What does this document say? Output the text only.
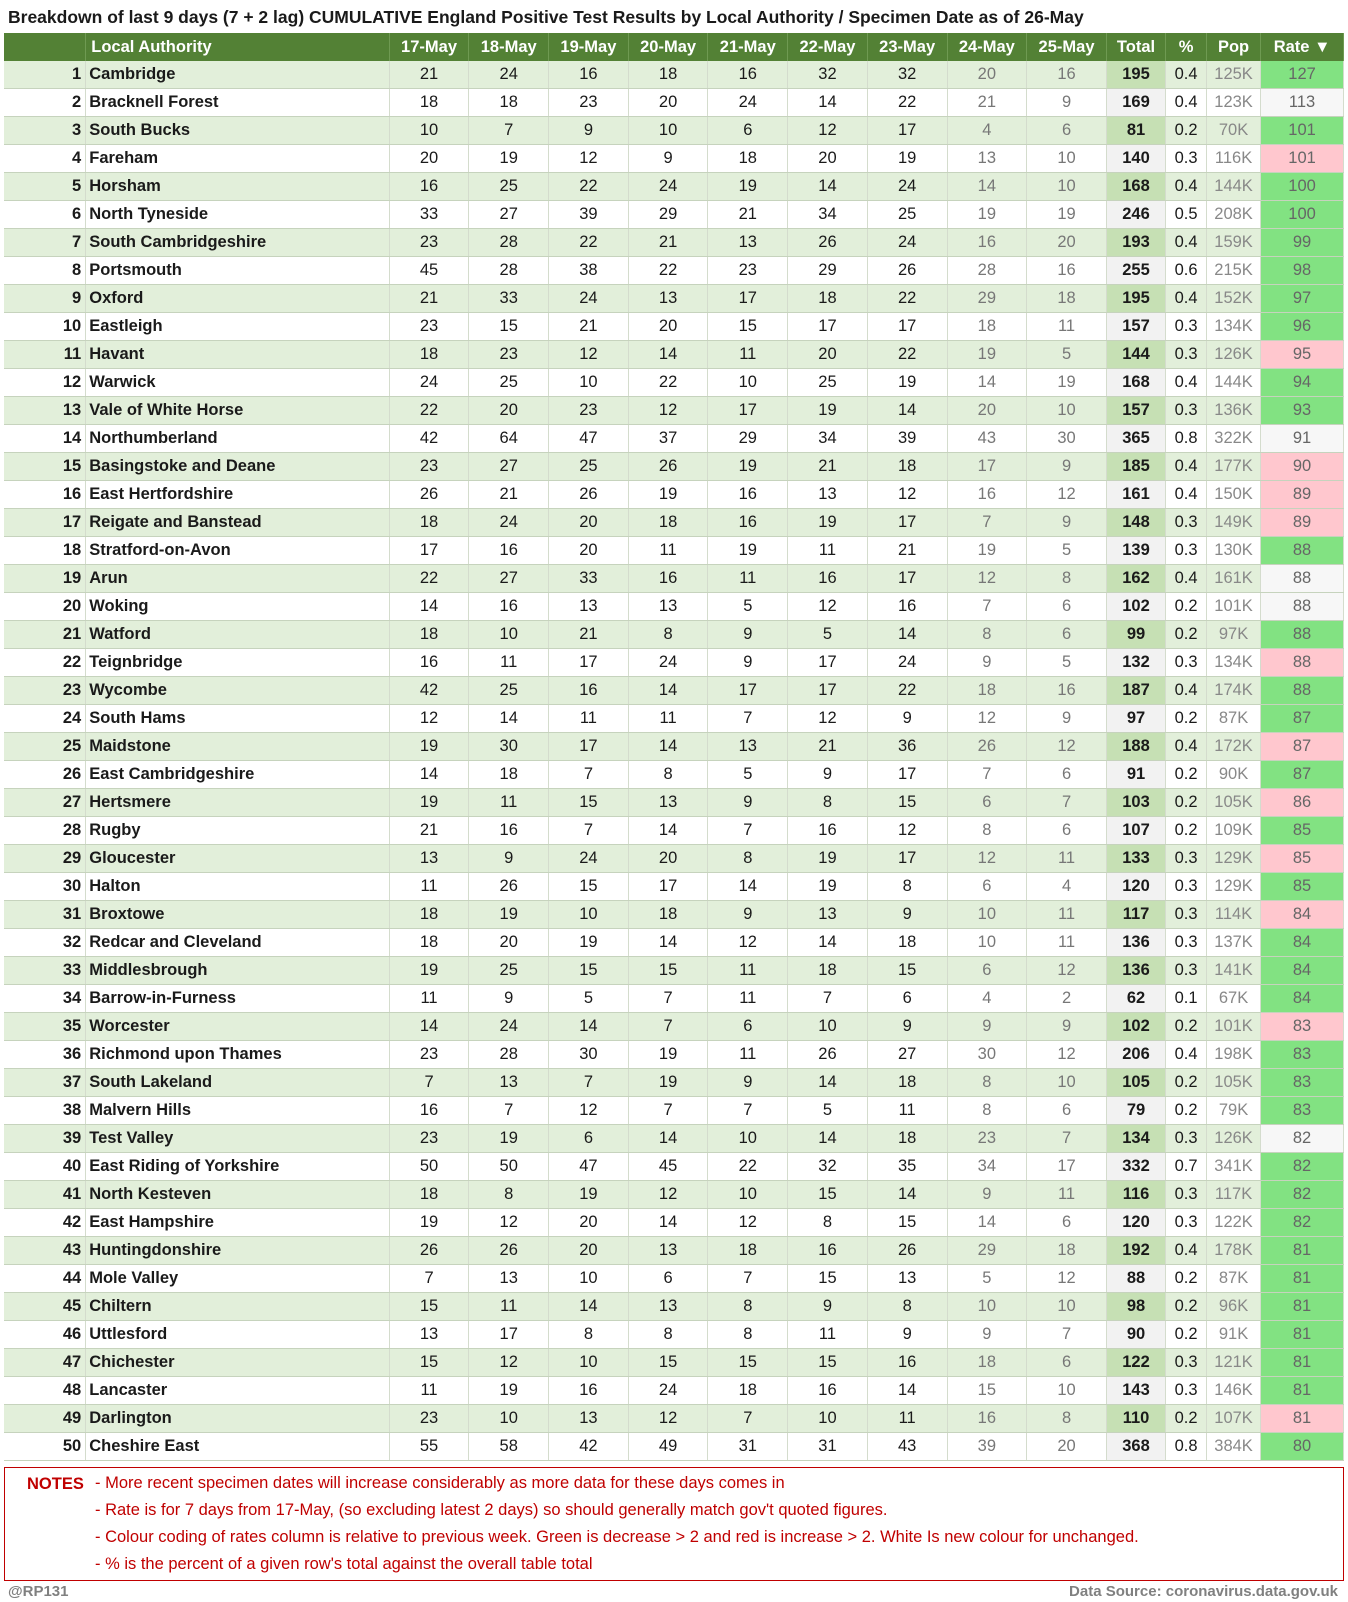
Breakdown of last 9 days (7 + 2 lag) CUMULATIVE England Positive Test Results by Local Authority / Specimen Date as of 26-May
	Local Authority	17-May	18-May	19-May	20-May	21-May	22-May	23-May	24-May	25-May	Total	%	Pop	Rate ▼
1	Cambridge	21	24	16	18	16	32	32	20	16	195	0.4	125K	127
2	Bracknell Forest	18	18	23	20	24	14	22	21	9	169	0.4	123K	113
3	South Bucks	10	7	9	10	6	12	17	4	6	81	0.2	70K	101
4	Fareham	20	19	12	9	18	20	19	13	10	140	0.3	116K	101
5	Horsham	16	25	22	24	19	14	24	14	10	168	0.4	144K	100
6	North Tyneside	33	27	39	29	21	34	25	19	19	246	0.5	208K	100
7	South Cambridgeshire	23	28	22	21	13	26	24	16	20	193	0.4	159K	99
8	Portsmouth	45	28	38	22	23	29	26	28	16	255	0.6	215K	98
9	Oxford	21	33	24	13	17	18	22	29	18	195	0.4	152K	97
10	Eastleigh	23	15	21	20	15	17	17	18	11	157	0.3	134K	96
11	Havant	18	23	12	14	11	20	22	19	5	144	0.3	126K	95
12	Warwick	24	25	10	22	10	25	19	14	19	168	0.4	144K	94
13	Vale of White Horse	22	20	23	12	17	19	14	20	10	157	0.3	136K	93
14	Northumberland	42	64	47	37	29	34	39	43	30	365	0.8	322K	91
15	Basingstoke and Deane	23	27	25	26	19	21	18	17	9	185	0.4	177K	90
16	East Hertfordshire	26	21	26	19	16	13	12	16	12	161	0.4	150K	89
17	Reigate and Banstead	18	24	20	18	16	19	17	7	9	148	0.3	149K	89
18	Stratford-on-Avon	17	16	20	11	19	11	21	19	5	139	0.3	130K	88
19	Arun	22	27	33	16	11	16	17	12	8	162	0.4	161K	88
20	Woking	14	16	13	13	5	12	16	7	6	102	0.2	101K	88
21	Watford	18	10	21	8	9	5	14	8	6	99	0.2	97K	88
22	Teignbridge	16	11	17	24	9	17	24	9	5	132	0.3	134K	88
23	Wycombe	42	25	16	14	17	17	22	18	16	187	0.4	174K	88
24	South Hams	12	14	11	11	7	12	9	12	9	97	0.2	87K	87
25	Maidstone	19	30	17	14	13	21	36	26	12	188	0.4	172K	87
26	East Cambridgeshire	14	18	7	8	5	9	17	7	6	91	0.2	90K	87
27	Hertsmere	19	11	15	13	9	8	15	6	7	103	0.2	105K	86
28	Rugby	21	16	7	14	7	16	12	8	6	107	0.2	109K	85
29	Gloucester	13	9	24	20	8	19	17	12	11	133	0.3	129K	85
30	Halton	11	26	15	17	14	19	8	6	4	120	0.3	129K	85
31	Broxtowe	18	19	10	18	9	13	9	10	11	117	0.3	114K	84
32	Redcar and Cleveland	18	20	19	14	12	14	18	10	11	136	0.3	137K	84
33	Middlesbrough	19	25	15	15	11	18	15	6	12	136	0.3	141K	84
34	Barrow-in-Furness	11	9	5	7	11	7	6	4	2	62	0.1	67K	84
35	Worcester	14	24	14	7	6	10	9	9	9	102	0.2	101K	83
36	Richmond upon Thames	23	28	30	19	11	26	27	30	12	206	0.4	198K	83
37	South Lakeland	7	13	7	19	9	14	18	8	10	105	0.2	105K	83
38	Malvern Hills	16	7	12	7	7	5	11	8	6	79	0.2	79K	83
39	Test Valley	23	19	6	14	10	14	18	23	7	134	0.3	126K	82
40	East Riding of Yorkshire	50	50	47	45	22	32	35	34	17	332	0.7	341K	82
41	North Kesteven	18	8	19	12	10	15	14	9	11	116	0.3	117K	82
42	East Hampshire	19	12	20	14	12	8	15	14	6	120	0.3	122K	82
43	Huntingdonshire	26	26	20	13	18	16	26	29	18	192	0.4	178K	81
44	Mole Valley	7	13	10	6	7	15	13	5	12	88	0.2	87K	81
45	Chiltern	15	11	14	13	8	9	8	10	10	98	0.2	96K	81
46	Uttlesford	13	17	8	8	8	11	9	9	7	90	0.2	91K	81
47	Chichester	15	12	10	15	15	15	16	18	6	122	0.3	121K	81
48	Lancaster	11	19	16	24	18	16	14	15	10	143	0.3	146K	81
49	Darlington	23	10	13	12	7	10	11	16	8	110	0.2	107K	81
50	Cheshire East	55	58	42	49	31	31	43	39	20	368	0.8	384K	80
NOTES - More recent specimen dates will increase considerably as more data for these days comes in
- Rate is for 7 days from 17-May, (so excluding latest 2 days) so should generally match gov't quoted figures.
- Colour coding of rates column is relative to previous week. Green is decrease > 2 and red is increase > 2. White Is new colour for unchanged.
- % is the percent of a given row's total against the overall table total
@RP131	Data Source: coronavirus.data.gov.uk
